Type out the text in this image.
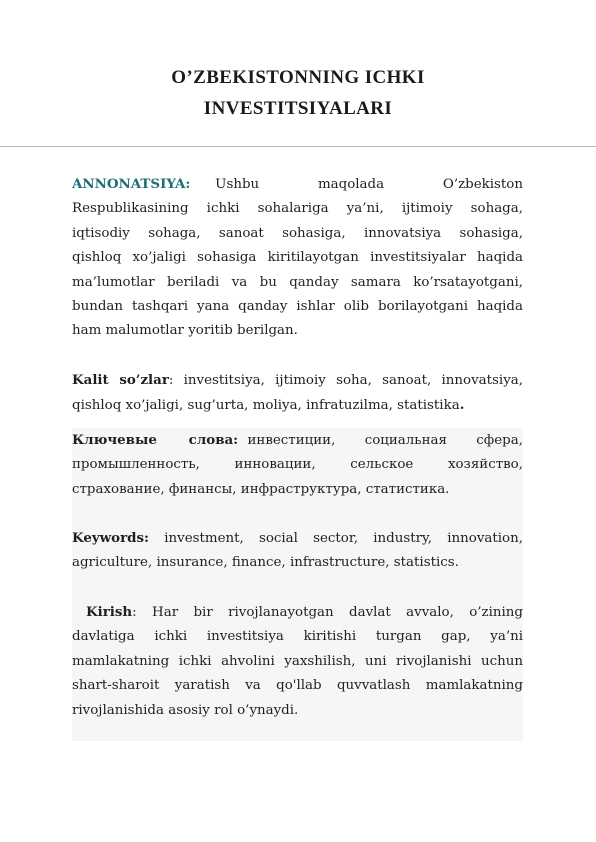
O’ZBEKISTONNING ICHKI
INVESTITSIYALARI
ANNONATSIYA: Ushbu maqolada O’zbekiston
Respublikasining ichki sohalariga ya’ni, ijtimoiy sohaga,
iqtisodiy sohaga, sanoat sohasiga, innovatsiya sohasiga,
qishloq xo’jaligi sohasiga kiritilayotgan investitsiyalar haqida
ma’lumotlar beriladi va bu qanday samara ko’rsatayotgani,
bundan tashqari yana qanday ishlar olib borilayotgani haqida
ham malumotlar yoritib berilgan.
Kalit so’zlar: investitsiya, ijtimoiy soha, sanoat, innovatsiya,
qishloq xo’jaligi, sug’urta, moliya, infratuzilma, statistika.
Ключевые слова: инвестиции, социальная сфера,
промышленность, инновации, сельское хозяйство,
страхование, финансы, инфраструктура, статистика.
Keywords: investment, social sector, industry, innovation,
agriculture, insurance, finance, infrastructure, statistics.
Kirish: Har bir rivojlanayotgan davlat avvalo, o’zining
davlatiga ichki investitsiya kiritishi turgan gap, ya’ni
mamlakatning ichki ahvolini yaxshilish, uni rivojlanishi uchun
shart-sharoit yaratish va qo'llab quvvatlash mamlakatning
rivojlanishida asosiy rol o’ynaydi.
